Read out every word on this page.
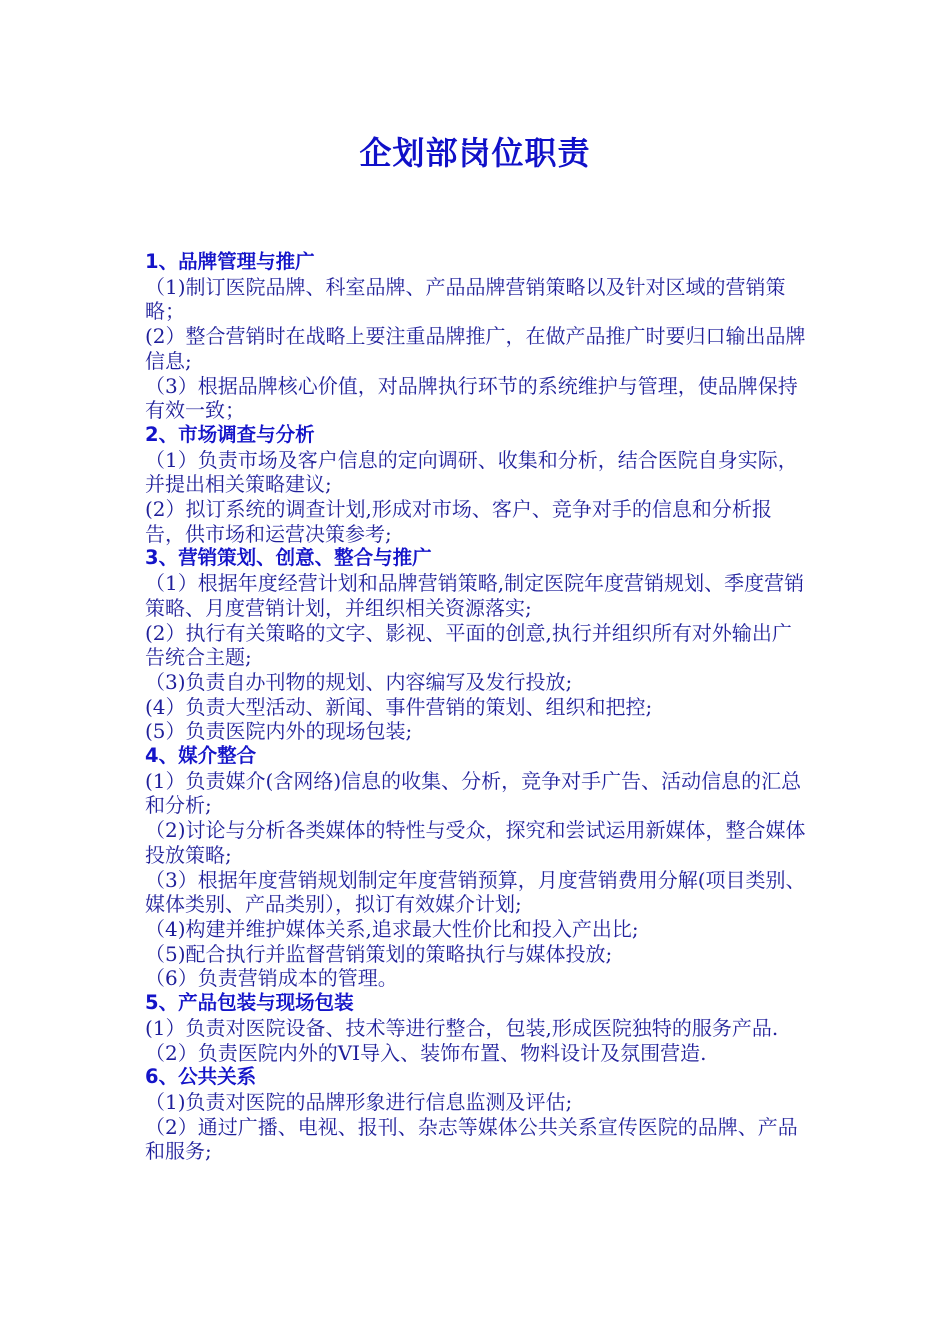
企划部岗位职责

1、品牌管理与推广

（1)制订医院品牌、科室品牌、产品品牌营销策略以及针对区域的营销策略；

(2）整合营销时在战略上要注重品牌推广，在做产品推广时要归口输出品牌信息;

（3）根据品牌核心价值，对品牌执行环节的系统维护与管理，使品牌保持有效一致；

2、市场调查与分析

（1）负责市场及客户信息的定向调研、收集和分析，结合医院自身实际，并提出相关策略建议;

(2）拟订系统的调查计划,形成对市场、客户、竞争对手的信息和分析报告，供市场和运营决策参考;

3、营销策划、创意、整合与推广

（1）根据年度经营计划和品牌营销策略,制定医院年度营销规划、季度营销策略、月度营销计划，并组织相关资源落实;

(2）执行有关策略的文字、影视、平面的创意,执行并组织所有对外输出广告统合主题;

（3)负责自办刊物的规划、内容编写及发行投放;

(4）负责大型活动、新闻、事件营销的策划、组织和把控;

(5）负责医院内外的现场包装;

4、媒介整合

(1）负责媒介(含网络)信息的收集、分析，竞争对手广告、活动信息的汇总和分析;

（2)讨论与分析各类媒体的特性与受众，探究和尝试运用新媒体，整合媒体投放策略;

（3）根据年度营销规划制定年度营销预算，月度营销费用分解(项目类别、媒体类别、产品类别），拟订有效媒介计划;

（4)构建并维护媒体关系,追求最大性价比和投入产出比;

（5)配合执行并监督营销策划的策略执行与媒体投放;

（6）负责营销成本的管理。

5、产品包装与现场包装

(1）负责对医院设备、技术等进行整合，包装,形成医院独特的服务产品.

（2）负责医院内外的VI导入、装饰布置、物料设计及氛围营造.

6、公共关系

（1)负责对医院的品牌形象进行信息监测及评估;

（2）通过广播、电视、报刊、杂志等媒体公共关系宣传医院的品牌、产品和服务;
